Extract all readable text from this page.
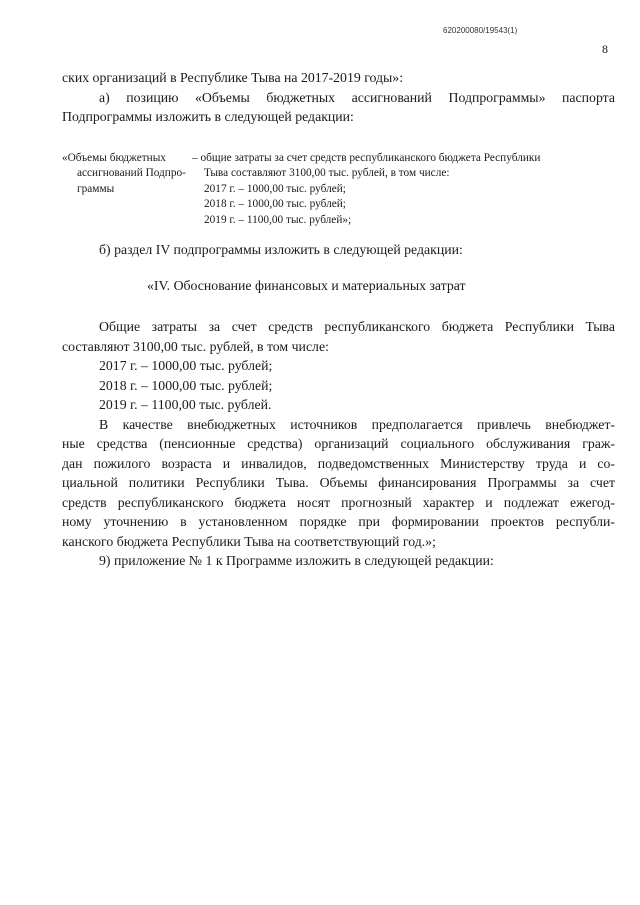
620200080/19543(1)
8

ских организаций в Республике Тыва на 2017-2019 годы»:

а) позицию «Объемы бюджетных ассигнований Подпрограммы» паспорта

Подпрограммы изложить в следующей редакции:

«Объемы бюджетных
ассигнований Подпро-
граммы
– общие затраты за счет средств республиканского бюджета Республики
Тыва составляют 3100,00 тыс. рублей, в том числе:
2017 г. – 1000,00 тыс. рублей;
2018 г. – 1000,00 тыс. рублей;
2019 г. – 1100,00 тыс. рублей»;

б) раздел IV подпрограммы изложить в следующей редакции:

«IV. Обоснование финансовых и материальных затрат

Общие затраты за счет средств республиканского бюджета Республики Тыва

составляют 3100,00 тыс. рублей, в том числе:

2017 г. – 1000,00 тыс. рублей;

2018 г. – 1000,00 тыс. рублей;

2019 г. – 1100,00 тыс. рублей.

В качестве внебюджетных источников предполагается привлечь внебюджет-

ные средства (пенсионные средства) организаций социального обслуживания граж-

дан пожилого возраста и инвалидов, подведомственных Министерству труда и со-

циальной политики Республики Тыва. Объемы финансирования Программы за счет

средств республиканского бюджета носят прогнозный характер и подлежат ежегод-

ному уточнению в установленном порядке при формировании проектов республи-

канского бюджета Республики Тыва на соответствующий год.»;

9) приложение № 1 к Программе изложить в следующей редакции:
